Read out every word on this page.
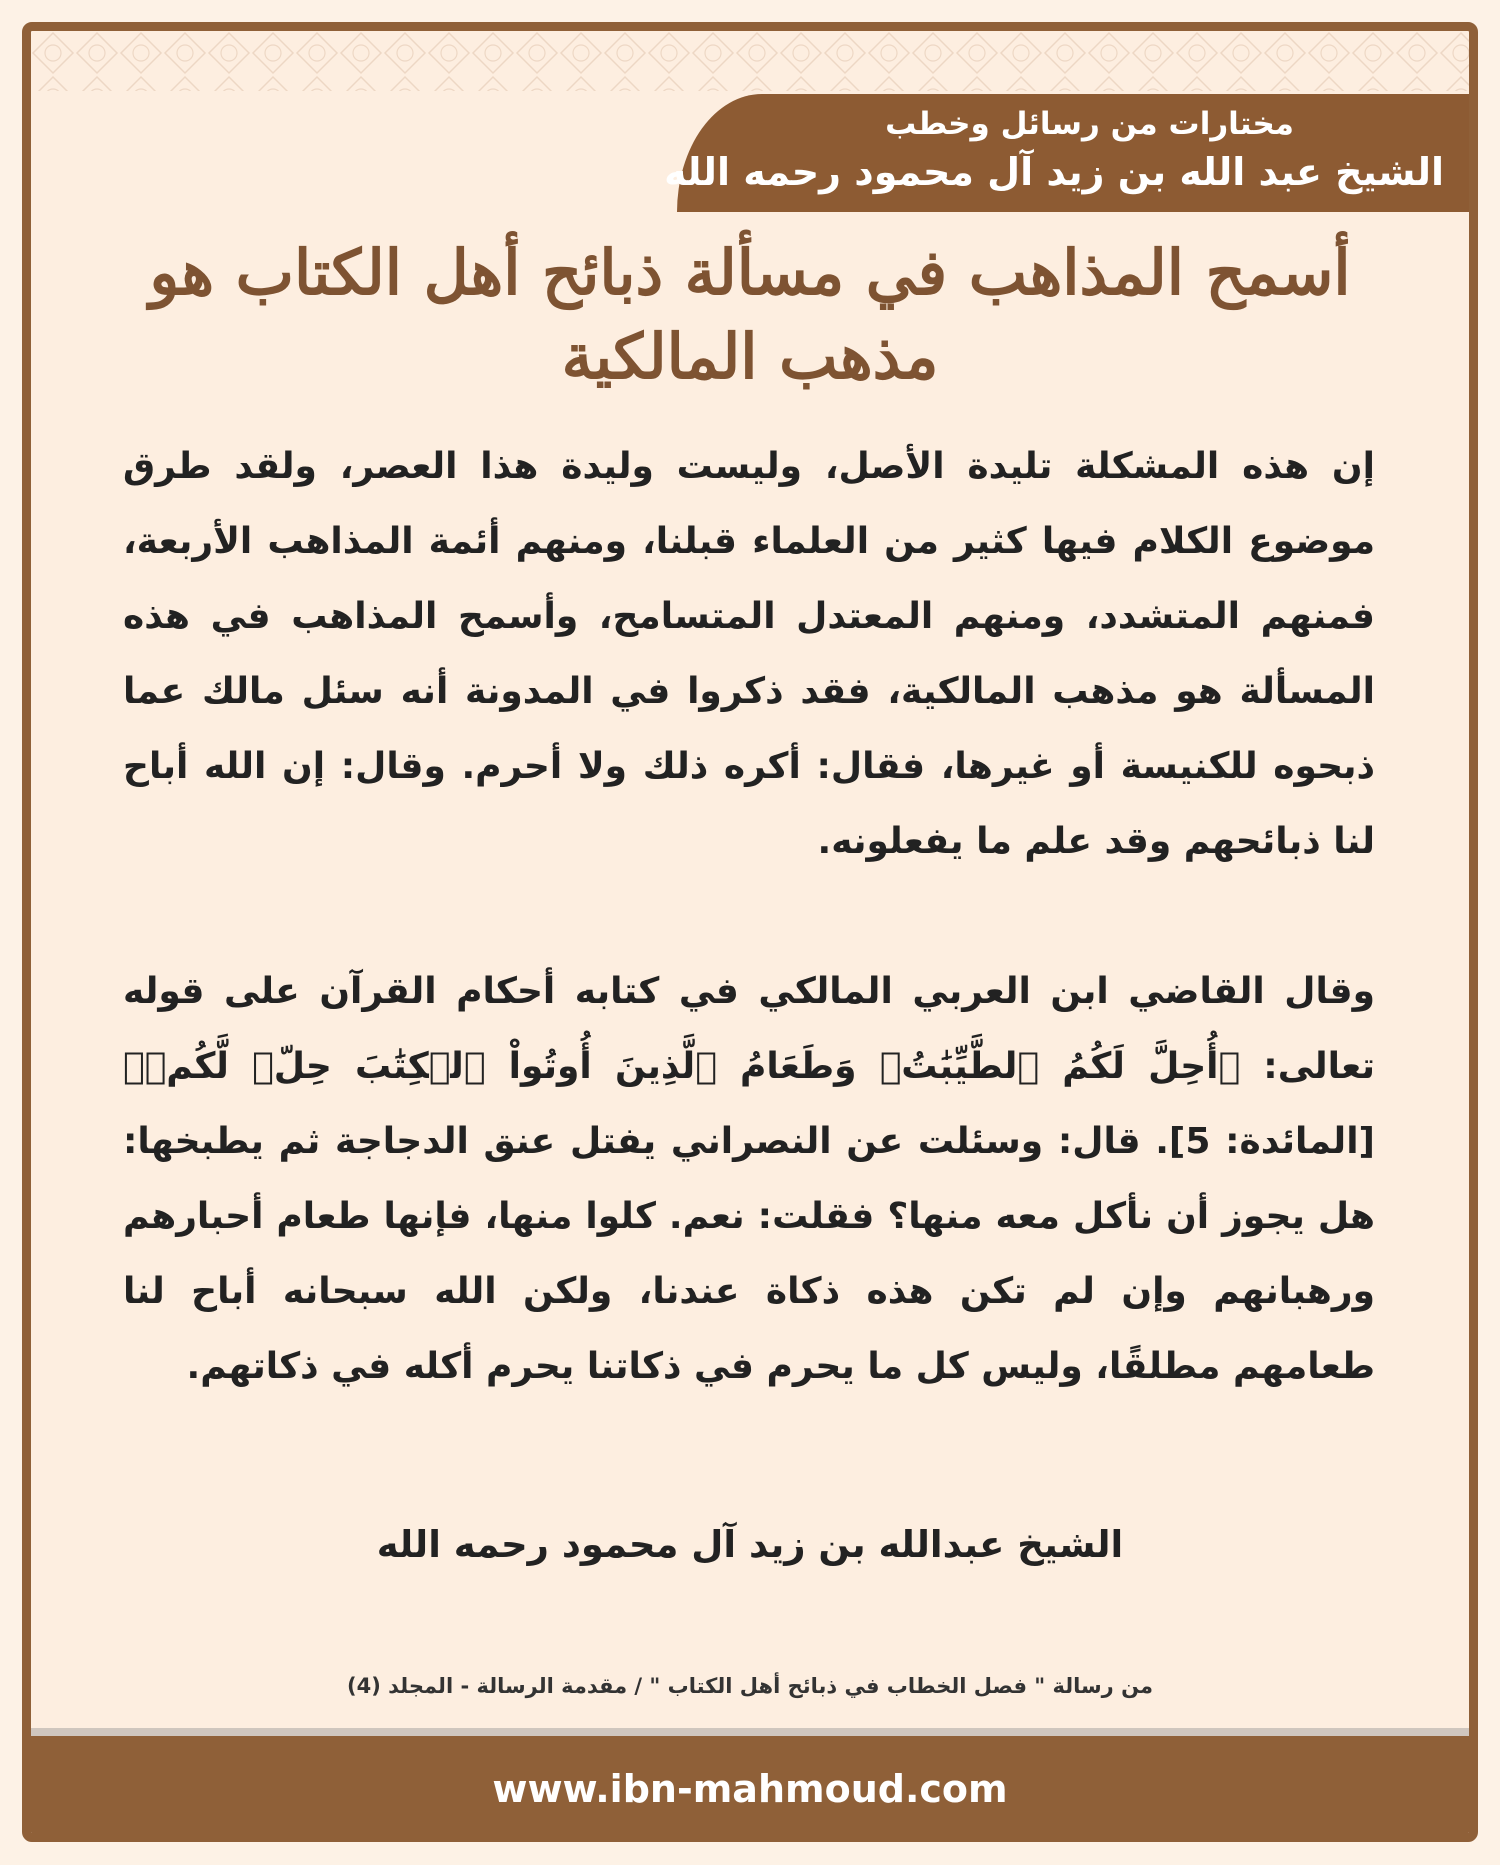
مختارات من رسائل وخطب
الشيخ عبد الله بن زيد آل محمود رحمه الله
أسمح المذاهب في مسألة ذبائح أهل الكتاب هو مذهب المالكية

إن هذه المشكلة تليدة الأصل، وليست وليدة هذا العصر، ولقد طرق موضوع الكلام فيها كثير من العلماء قبلنا، ومنهم أئمة المذاهب الأربعة، فمنهم المتشدد، ومنهم المعتدل المتسامح، وأسمح المذاهب في هذه المسألة هو مذهب المالكية، فقد ذكروا في المدونة أنه سئل مالك عما ذبحوه للكنيسة أو غيرها، فقال: أكره ذلك ولا أحرم. وقال: إن الله أباح لنا ذبائحهم وقد علم ما يفعلونه.

وقال القاضي ابن العربي المالكي في كتابه أحكام القرآن على قوله تعالى: ﴿أُحِلَّ لَكُمُ ٱلطَّيِّبَٰتُۖ وَطَعَامُ ٱلَّذِينَ أُوتُواْ ٱلۡكِتَٰبَ حِلّٞ لَّكُمۡ﴾ [المائدة: 5]. قال: وسئلت عن النصراني يفتل عنق الدجاجة ثم يطبخها: هل يجوز أن نأكل معه منها؟ فقلت: نعم. كلوا منها، فإنها طعام أحبارهم ورهبانهم وإن لم تكن هذه ذكاة عندنا، ولكن الله سبحانه أباح لنا طعامهم مطلقًا، وليس كل ما يحرم في ذكاتنا يحرم أكله في ذكاتهم.

الشيخ عبدالله بن زيد آل محمود رحمه الله
من رسالة " فصل الخطاب في ذبائح أهل الكتاب " / مقدمة الرسالة - المجلد (4)
www.ibn-mahmoud.com
